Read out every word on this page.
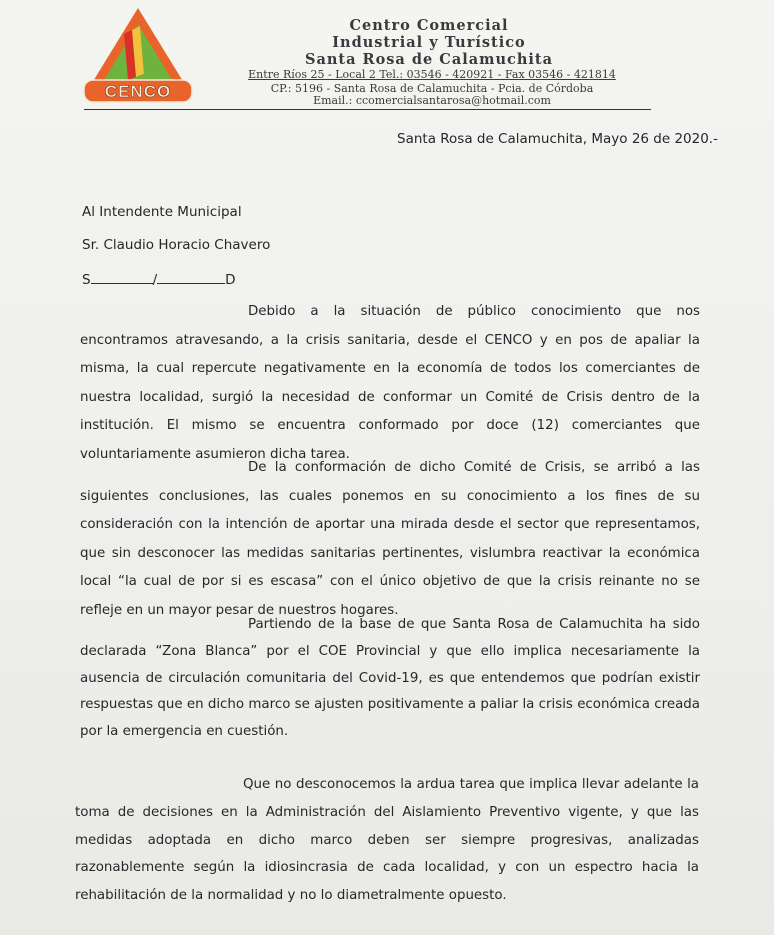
CENCO

Centro Comercial

Industrial y Turístico

Santa Rosa de Calamuchita

Entre Ríos 25 - Local 2 Tel.: 03546 - 420921 - Fax 03546 - 421814

CP.: 5196 - Santa Rosa de Calamuchita - Pcia. de Córdoba

Email.: ccomercialsantarosa@hotmail.com

Santa Rosa de Calamuchita, Mayo 26 de 2020.-

Al Intendente Municipal

Sr. Claudio Horacio Chavero

S	/	D

Debido a la situación de público conocimiento que nos encontramos atravesando, a la crisis sanitaria, desde el CENCO y en pos de apaliar la misma, la cual repercute negativamente en la economía de todos los comerciantes de nuestra localidad, surgió la necesidad de conformar un Comité de Crisis dentro de la institución. El mismo se encuentra conformado por doce (12) comerciantes que voluntariamente asumieron dicha tarea.

De la conformación de dicho Comité de Crisis, se arribó a las siguientes conclusiones, las cuales ponemos en su conocimiento a los fines de su consideración con la intención de aportar una mirada desde el sector que representamos, que sin desconocer las medidas sanitarias pertinentes, vislumbra reactivar la económica local “la cual de por si es escasa” con el único objetivo de que la crisis reinante no se refleje en un mayor pesar de nuestros hogares.

Partiendo de la base de que Santa Rosa de Calamuchita ha sido declarada “Zona Blanca” por el COE Provincial y que ello implica necesariamente la ausencia de circulación comunitaria del Covid-19, es que entendemos que podrían existir respuestas que en dicho marco se ajusten positivamente a paliar la crisis económica creada por la emergencia en cuestión.

Que no desconocemos la ardua tarea que implica llevar adelante la toma de decisiones en la Administración del Aislamiento Preventivo vigente, y que las medidas adoptada en dicho marco deben ser siempre progresivas, analizadas razonablemente según la idiosincrasia de cada localidad, y con un espectro hacia la rehabilitación de la normalidad y no lo diametralmente opuesto.
